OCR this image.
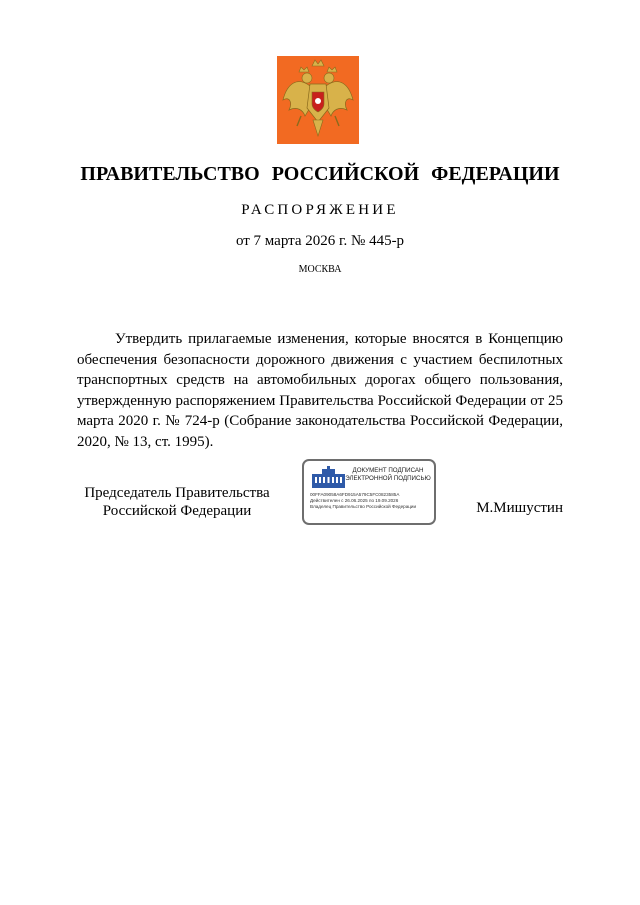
ПРАВИТЕЛЬСТВО РОССИЙСКОЙ ФЕДЕРАЦИИ
РАСПОРЯЖЕНИЕ
от 7 марта 2026 г. № 445-р
МОСКВА

Утвердить прилагаемые изменения, которые вносятся в Концепцию обеспечения безопасности дорожного движения с участием беспилотных транспортных средств на автомобильных дорогах общего пользования, утвержденную распоряжением Правительства Российской Федерации от 25 марта 2020 г. № 724-р (Собрание законодательства Российской Федерации, 2020, № 13, ст. 1995).

Председатель Правительства Российской Федерации
ДОКУМЕНТ ПОДПИСАН ЭЛЕКТРОННОЙ ПОДПИСЬЮ
00FFA09058A6FD915A579C5FC0823585A
Действителен с 26.06.2025 по 19.09.2026
Владелец Правительство Российской Федерации	М.Мишустин
